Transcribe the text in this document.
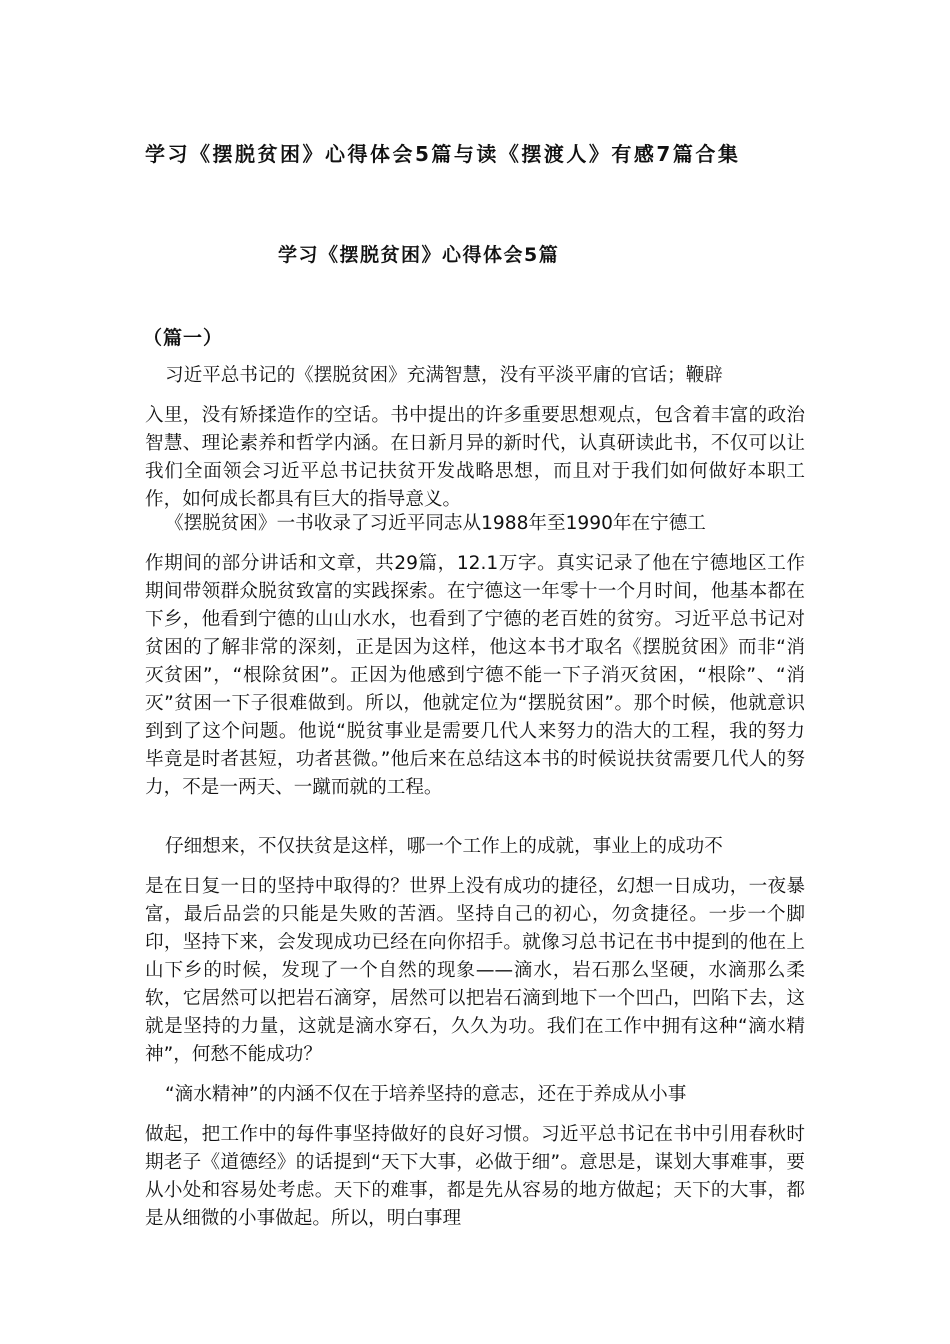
学习《摆脱贫困》心得体会5篇与读《摆渡人》有感7篇合集
学习《摆脱贫困》心得体会5篇
（篇一）
习近平总书记的《摆脱贫困》充满智慧，没有平淡平庸的官话；鞭辟
入里，没有矫揉造作的空话。书中提出的许多重要思想观点，包含着丰富的政治智慧、理论素养和哲学内涵。在日新月异的新时代，认真研读此书，不仅可以让我们全面领会习近平总书记扶贫开发战略思想，而且对于我们如何做好本职工作，如何成长都具有巨大的指导意义。
《摆脱贫困》一书收录了习近平同志从1988年至1990年在宁德工
作期间的部分讲话和文章，共29篇，12.1万字。真实记录了他在宁德地区工作期间带领群众脱贫致富的实践探索。在宁德这一年零十一个月时间，他基本都在下乡，他看到宁德的山山水水，也看到了宁德的老百姓的贫穷。习近平总书记对贫困的了解非常的深刻，正是因为这样，他这本书才取名《摆脱贫困》而非“消灭贫困”，“根除贫困”。正因为他感到宁德不能一下子消灭贫困，“根除”、“消灭”贫困一下子很难做到。所以，他就定位为“摆脱贫困”。那个时候，他就意识到到了这个问题。他说“脱贫事业是需要几代人来努力的浩大的工程，我的努力毕竟是时者甚短，功者甚微。”他后来在总结这本书的时候说扶贫需要几代人的努力，不是一两天、一蹴而就的工程。
仔细想来，不仅扶贫是这样，哪一个工作上的成就，事业上的成功不
是在日复一日的坚持中取得的？世界上没有成功的捷径，幻想一日成功，一夜暴富，最后品尝的只能是失败的苦酒。坚持自己的初心，勿贪捷径。一步一个脚印，坚持下来，会发现成功已经在向你招手。就像习总书记在书中提到的他在上山下乡的时候，发现了一个自然的现象——滴水，岩石那么坚硬，水滴那么柔软，它居然可以把岩石滴穿，居然可以把岩石滴到地下一个凹凸，凹陷下去，这就是坚持的力量，这就是滴水穿石，久久为功。我们在工作中拥有这种“滴水精神”，何愁不能成功？
“滴水精神”的内涵不仅在于培养坚持的意志，还在于养成从小事
做起，把工作中的每件事坚持做好的良好习惯。习近平总书记在书中引用春秋时期老子《道德经》的话提到“天下大事，必做于细”。意思是，谋划大事难事，要从小处和容易处考虑。天下的难事，都是先从容易的地方做起；天下的大事，都是从细微的小事做起。所以，明白事理
